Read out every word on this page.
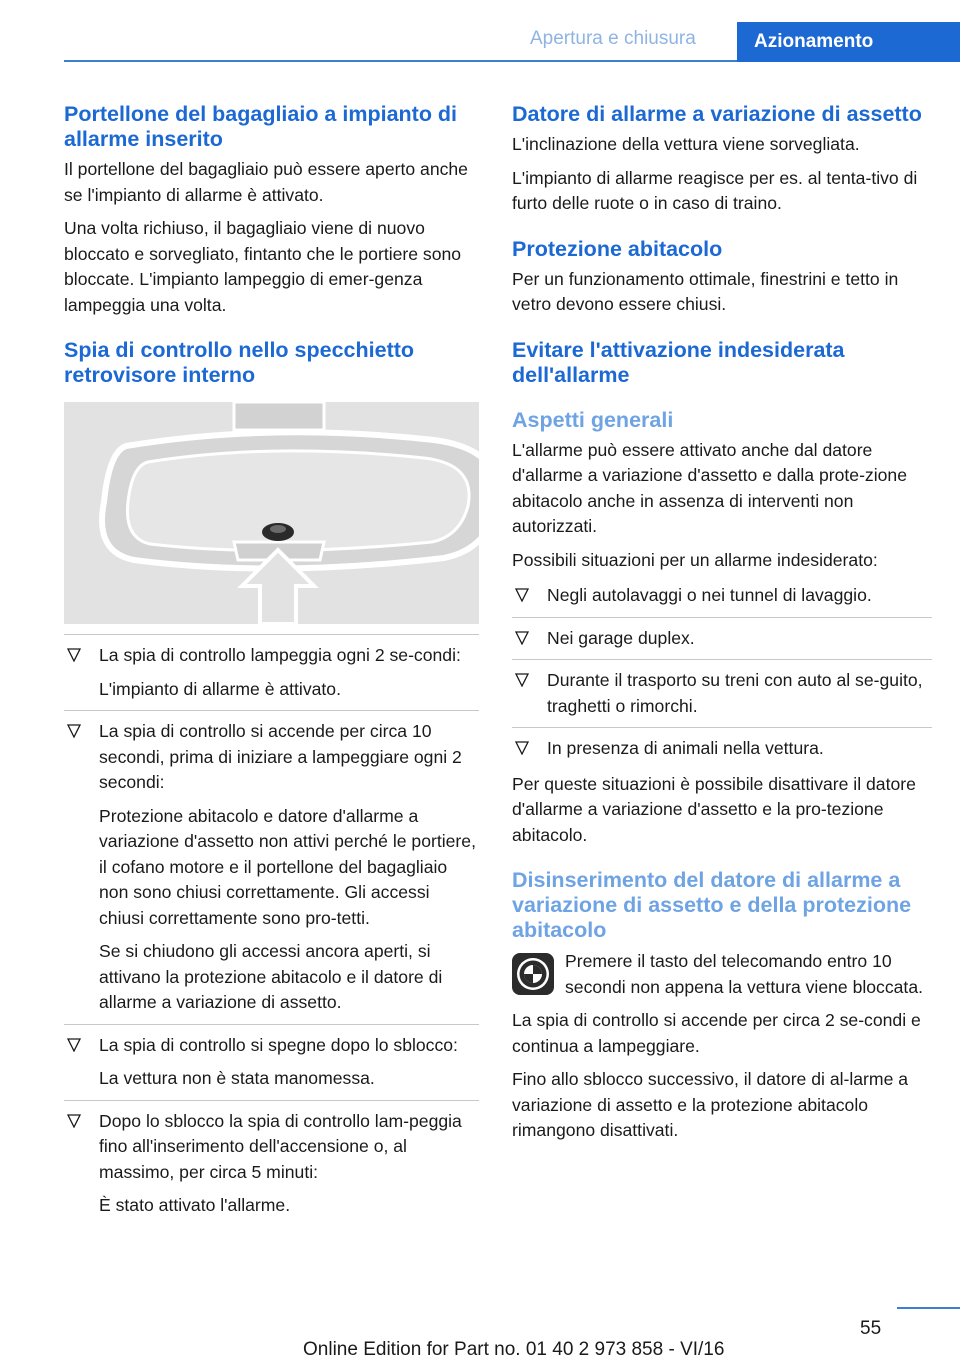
Apertura e chiusura	Azionamento
Portellone del bagagliaio a impianto di allarme inserito

Il portellone del bagagliaio può essere aperto anche se l'impianto di allarme è attivato.

Una volta richiuso, il bagagliaio viene di nuovo bloccato e sorvegliato, fintanto che le portiere sono bloccate. L'impianto lampeggio di emer‐genza lampeggia una volta.

Spia di controllo nello specchietto retrovisore interno

La spia di controllo lampeggia ogni 2 se‐condi:

L'impianto di allarme è attivato.

La spia di controllo si accende per circa 10 secondi, prima di iniziare a lampeggiare ogni 2 secondi:

Protezione abitacolo e datore d'allarme a variazione d'assetto non attivi perché le portiere, il cofano motore e il portellone del bagagliaio non sono chiusi correttamente. Gli accessi chiusi correttamente sono pro‐tetti.

Se si chiudono gli accessi ancora aperti, si attivano la protezione abitacolo e il datore di allarme a variazione di assetto.

La spia di controllo si spegne dopo lo sblocco:

La vettura non è stata manomessa.

Dopo lo sblocco la spia di controllo lam‐peggia fino all'inserimento dell'accensione o, al massimo, per circa 5 minuti:

È stato attivato l'allarme.

Datore di allarme a variazione di assetto

L'inclinazione della vettura viene sorvegliata.

L'impianto di allarme reagisce per es. al tenta‐tivo di furto delle ruote o in caso di traino.

Protezione abitacolo

Per un funzionamento ottimale, finestrini e tetto in vetro devono essere chiusi.

Evitare l'attivazione indesiderata dell'allarme
Aspetti generali

L'allarme può essere attivato anche dal datore d'allarme a variazione d'assetto e dalla prote‐zione abitacolo anche in assenza di interventi non autorizzati.

Possibili situazioni per un allarme indesiderato:

Negli autolavaggi o nei tunnel di lavaggio.

Nei garage duplex.

Durante il trasporto su treni con auto al se‐guito, traghetti o rimorchi.

In presenza di animali nella vettura.

Per queste situazioni è possibile disattivare il datore d'allarme a variazione d'assetto e la pro‐tezione abitacolo.

Disinserimento del datore di allarme a variazione di assetto e della protezione abitacolo

Premere il tasto del telecomando entro 10 secondi non appena la vettura viene bloccata.

La spia di controllo si accende per circa 2 se‐condi e continua a lampeggiare.

Fino allo sblocco successivo, il datore di al‐larme a variazione di assetto e la protezione abitacolo rimangono disattivati.

55
Online Edition for Part no. 01 40 2 973 858 - VI/16
